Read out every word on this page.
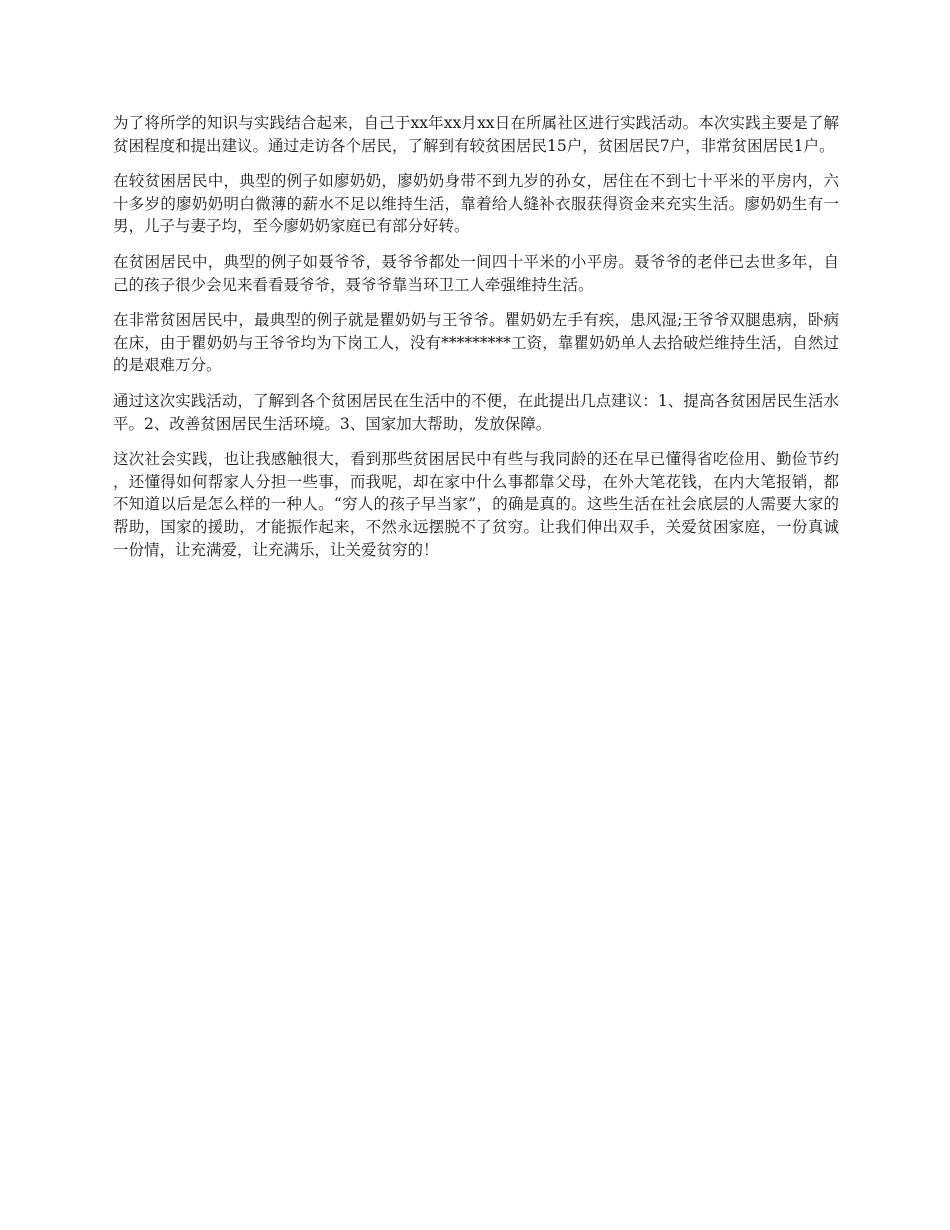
为了将所学的知识与实践结合起来，自己于xx年xx月xx日在所属社区进行实践活动。本次实践主要是了解贫困程度和提出建议。通过走访各个居民，了解到有较贫困居民15户，贫困居民7户，非常贫困居民1户。

在较贫困居民中，典型的例子如廖奶奶，廖奶奶身带不到九岁的孙女，居住在不到七十平米的平房内，六十多岁的廖奶奶明白微薄的薪水不足以维持生活，靠着给人缝补衣服获得资金来充实生活。廖奶奶生有一男，儿子与妻子均，至今廖奶奶家庭已有部分好转。

在贫困居民中，典型的例子如聂爷爷，聂爷爷都处一间四十平米的小平房。聂爷爷的老伴已去世多年，自己的孩子很少会见来看看聂爷爷，聂爷爷靠当环卫工人牵强维持生活。

在非常贫困居民中，最典型的例子就是瞿奶奶与王爷爷。瞿奶奶左手有疾，患风湿;王爷爷双腿患病，卧病在床，由于瞿奶奶与王爷爷均为下岗工人，没有*********工资，靠瞿奶奶单人去拾破烂维持生活，自然过的是艰难万分。

通过这次实践活动，了解到各个贫困居民在生活中的不便，在此提出几点建议：1、提高各贫困居民生活水平。2、改善贫困居民生活环境。3、国家加大帮助，发放保障。

这次社会实践，也让我感触很大，看到那些贫困居民中有些与我同龄的还在早已懂得省吃俭用、勤俭节约，还懂得如何帮家人分担一些事，而我呢，却在家中什么事都靠父母，在外大笔花钱，在内大笔报销，都不知道以后是怎么样的一种人。“穷人的孩子早当家”，的确是真的。这些生活在社会底层的人需要大家的帮助，国家的援助，才能振作起来，不然永远摆脱不了贫穷。让我们伸出双手，关爱贫困家庭，一份真诚一份情，让充满爱，让充满乐，让关爱贫穷的！
